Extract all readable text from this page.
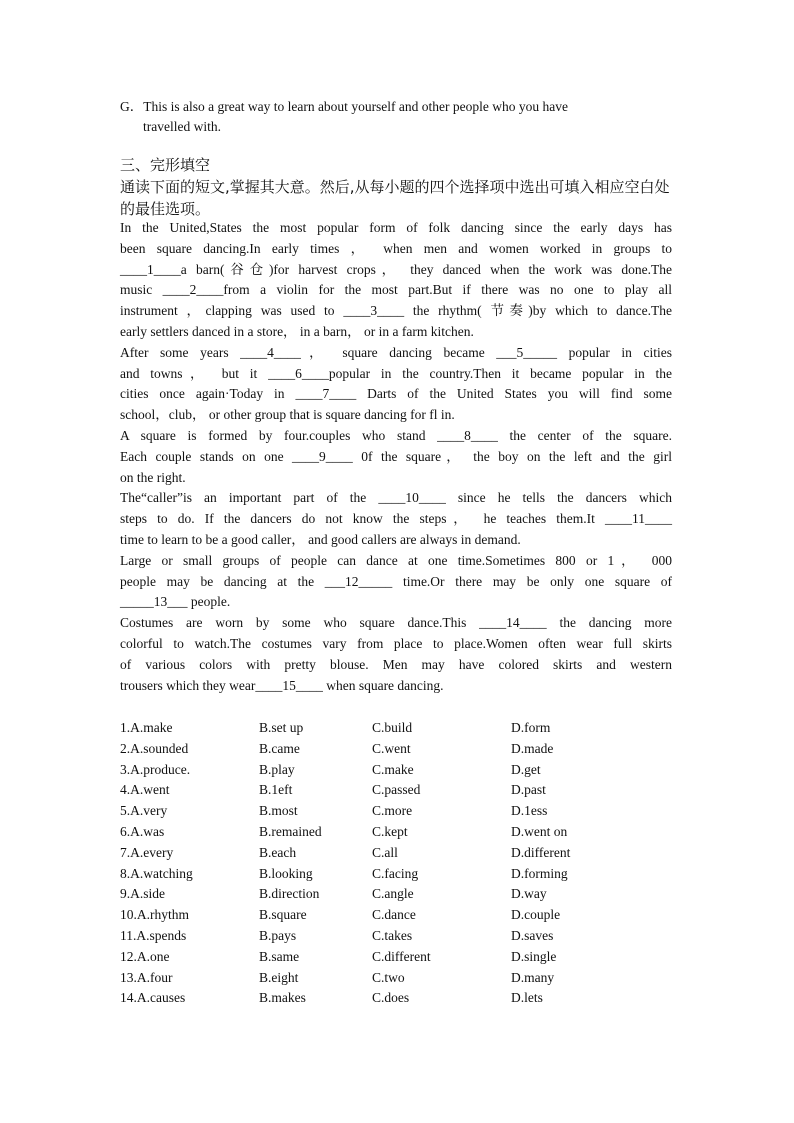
G．This is also a great way to learn about yourself and other people who you have
travelled with.
三、完形填空
通读下面的短文,掌握其大意。然后,从每小题的四个选择项中选出可填入相应空白处的最佳选项。
In the United,States the most popular form of folk dancing since the early days has
been square dancing.In early times ， when men and women worked in groups to
____1____a barn(谷仓)for harvest crops， they danced when the work was done.The
music ____2____from a violin for the most part.But if there was no one to play all
instrument ，clapping was used to ____3____ the rhythm( 节奏)by which to dance.The
early settlers danced in a store， in a barn， or in a farm kitchen.
After some years ____4____， square dancing became ___5_____ popular in cities
and towns， but it ____6____popular in the country.Then it became popular in the
cities once again·Today in ____7____ Darts of the United States you will find some
school，club， or other group that is square dancing for fl in.
A square is formed by four.couples who stand ____8____ the center of the square.
Each couple stands on one ____9____ 0f the square， the boy on the left and the girl
on the right.
The“caller”is an important part of the ____10____ since he tells the dancers which
steps to do. If the dancers do not know the steps， he teaches them.It ____11____
time to learn to be a good caller， and good callers are always in demand.
Large or small groups of people can dance at one time.Sometimes 800 or 1， 000
people may be dancing at the ___12_____ time.Or there may be only one square of
_____13___ people.
Costumes are worn by some who square dance.This ____14____ the dancing more
colorful to watch.The costumes vary from place to place.Women often wear full skirts
of various colors with pretty blouse. Men may have colored skirts and western
trousers which they wear____15____ when square dancing.
1.A.make	B.set up	C.build	D.form
2.A.sounded	B.came	C.went	D.made
3.A.produce.	B.play	C.make	D.get
4.A.went	B.1eft	C.passed	D.past
5.A.very	B.most	C.more	D.1ess
6.A.was	B.remained	C.kept	D.went on
7.A.every	B.each	C.all	D.different
8.A.watching	B.looking	C.facing	D.forming
9.A.side	B.direction	C.angle	D.way
10.A.rhythm	B.square	C.dance	D.couple
11.A.spends	B.pays	C.takes	D.saves
12.A.one	B.same	C.different	D.single
13.A.four	B.eight	C.two	D.many
14.A.causes	B.makes	C.does	D.lets
